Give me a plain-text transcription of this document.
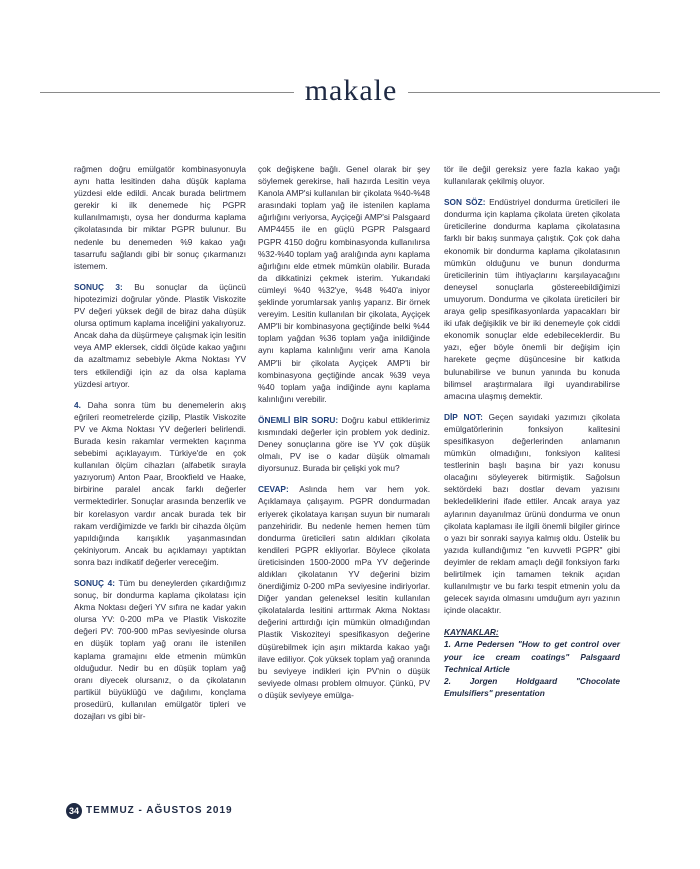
makale

rağmen doğru emülgatör kombinasyonuyla aynı hatta lesitinden daha düşük kaplama yüzdesi elde edildi. Ancak burada belirtmem gerekir ki ilk denemede hiç PGPR kullanılmamıştı, oysa her dondurma kaplama çikolatasında bir miktar PGPR bulunur. Bu nedenle bu denemeden %9 kakao yağı tasarrufu sağlandı gibi bir sonuç çıkarmanızı istemem.

SONUÇ 3: Bu sonuçlar da üçüncü hipotezimizi doğrular yönde. Plastik Viskozite PV değeri yüksek değil de biraz daha düşük olursa optimum kaplama inceliğini yakalıyoruz. Ancak daha da düşürmeye çalışmak için lesitin veya AMP eklersek, ciddi ölçüde kakao yağını da azaltmamız sebebiyle Akma Noktası YV ters etkilendiği için az da olsa kaplama yüzdesi artıyor.

4. Daha sonra tüm bu denemelerin akış eğrileri reometrelerde çizilip, Plastik Viskozite PV ve Akma Noktası YV değerleri belirlendi. Burada kesin rakamlar vermekten kaçınma sebebimi açıklayayım. Türkiye'de en çok kullanılan ölçüm cihazları (alfabetik sırayla yazıyorum) Anton Paar, Brookfield ve Haake, birbirine paralel ancak farklı değerler vermektedirler. Sonuçlar arasında benzerlik ve bir korelasyon vardır ancak burada tek bir rakam verdiğimizde ve farklı bir cihazda ölçüm yapıldığında karışıklık yaşanmasından çekiniyorum. Ancak bu açıklamayı yaptıktan sonra bazı indikatif değerler vereceğim.

SONUÇ 4: Tüm bu deneylerden çıkardığımız sonuç, bir dondurma kaplama çikolatası için Akma Noktası değeri YV sıfıra ne kadar yakın olursa YV: 0-200 mPa ve Plastik Viskozite değeri PV: 700-900 mPas seviyesinde olursa en düşük toplam yağ oranı ile istenilen kaplama gramajını elde etmenin mümkün olduğudur. Nedir bu en düşük toplam yağ oranı diyecek olursanız, o da çikolatanın partikül büyüklüğü ve dağılımı, konçlama prosedürü, kullanılan emülgatör tipleri ve dozajları vs gibi bir-

çok değişkene bağlı. Genel olarak bir şey söylemek gerekirse, hali hazırda Lesitin veya Kanola AMP'si kullanılan bir çikolata %40-%48 arasındaki toplam yağ ile istenilen kaplama ağırlığını veriyorsa, Ayçiçeği AMP'si Palsgaard AMP4455 ile en güçlü PGPR Palsgaard PGPR 4150 doğru kombinasyonda kullanılırsa %32-%40 toplam yağ aralığında aynı kaplama ağırlığını elde etmek mümkün olabilir. Burada da dikkatinizi çekmek isterim. Yukarıdaki cümleyi %40 %32'ye, %48 %40'a iniyor şeklinde yorumlarsak yanlış yaparız. Bir örnek vereyim. Lesitin kullanılan bir çikolata, Ayçiçek AMP'li bir kombinasyona geçtiğinde belki %44 toplam yağdan %36 toplam yağa inildiğinde aynı kaplama kalınlığını verir ama Kanola AMP'li bir çikolata Ayçiçek AMP'li bir kombinasyona geçtiğinde ancak %39 veya %40 toplam yağa indiğinde aynı kaplama kalınlığını verebilir.

ÖNEMLİ BİR SORU: Doğru kabul ettiklerimiz kısmındaki değerler için problem yok dediniz. Deney sonuçlarına göre ise YV çok düşük olmalı, PV ise o kadar düşük olmamalı diyorsunuz. Burada bir çelişki yok mu?

CEVAP: Aslında hem var hem yok. Açıklamaya çalışayım. PGPR dondurmadan eriyerek çikolataya karışan suyun bir numaralı panzehiridir. Bu nedenle hemen hemen tüm dondurma üreticileri satın aldıkları çikolata kendileri PGPR ekliyorlar. Böylece çikolata üreticisinden 1500-2000 mPa YV değerinde aldıkları çikolatanın YV değerini bizim önerdiğimiz 0-200 mPa seviyesine indiriyorlar. Diğer yandan geleneksel lesitin kullanılan çikolatalarda lesitini arttırmak Akma Noktası değerini arttırdığı için mümkün olmadığından Plastik Viskoziteyi spesifikasyon değerine düşürebilmek için aşırı miktarda kakao yağı ilave ediliyor. Çok yüksek toplam yağ oranında bu seviyeye indikleri için PV'nin o düşük seviyede olması problem olmuyor. Çünkü, PV o düşük seviyeye emülga-

tör ile değil gereksiz yere fazla kakao yağı kullanılarak çekilmiş oluyor.

SON SÖZ: Endüstriyel dondurma üreticileri ile dondurma için kaplama çikolata üreten çikolata üreticilerine dondurma kaplama çikolatasına farklı bir bakış sunmaya çalıştık. Çok çok daha ekonomik bir dondurma kaplama çikolatasının mümkün olduğunu ve bunun dondurma üreticilerinin tüm ihtiyaçlarını karşılayacağını deneysel sonuçlarla göstereebildiğimizi umuyorum. Dondurma ve çikolata üreticileri bir araya gelip spesifikasyonlarda yapacakları bir iki ufak değişiklik ve bir iki denemeyle çok ciddi ekonomik sonuçlar elde edebileceklerdir. Bu yazı, eğer böyle önemli bir değişim için harekete geçme düşüncesine bir katkıda bulunabilirse ve bunun yanında bu konuda bilimsel araştırmalara ilgi uyandırabilirse amacına ulaşmış demektir.

DİP NOT: Geçen sayıdaki yazımızı çikolata emülgatörlerinin fonksiyon kalitesini spesifikasyon değerlerinden anlamanın mümkün olmadığını, fonksiyon kalitesi testlerinin başlı başına bir yazı konusu olacağını söyleyerek bitirmiştik. Sağolsun sektördeki bazı dostlar devam yazısını bekledeliklerini ifade ettiler. Ancak araya yaz aylarının dayanılmaz ürünü dondurma ve onun çikolata kaplaması ile ilgili önemli bilgiler girince o yazı bir sonraki sayıya kalmış oldu. Üstelik bu yazıda kullandığımız "en kuvvetli PGPR" gibi deyimler de reklam amaçlı değil fonksiyon farkı belirtilmek için tamamen teknik açıdan kullanılmıştır ve bu farkı tespit etmenin yolu da gelecek sayıda olmasını umduğum ayrı yazının içinde olacaktır.

KAYNAKLAR:

1. Arne Pedersen "How to get control over your ice cream coatings" Palsgaard Technical Article

2. Jorgen Holdgaard "Chocolate Emulsifiers" presentation

34 TEMMUZ - AĞUSTOS 2019
